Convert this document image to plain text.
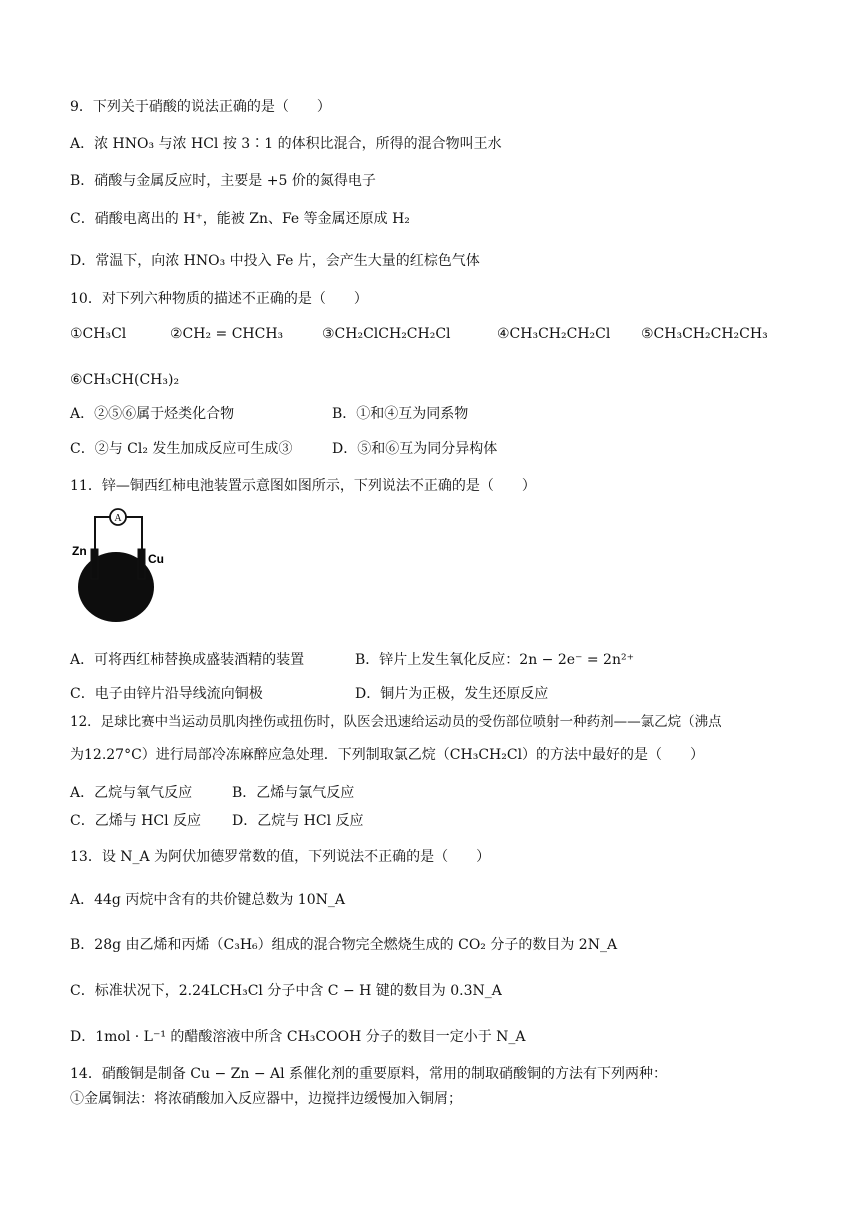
9．下列关于硝酸的说法正确的是（　　）
A．浓 HNO₃ 与浓 HCl 按 3∶1 的体积比混合，所得的混合物叫王水
B．硝酸与金属反应时，主要是 +5 价的氮得电子
C．硝酸电离出的 H⁺，能被 Zn、Fe 等金属还原成 H₂
D．常温下，向浓 HNO₃ 中投入 Fe 片，会产生大量的红棕色气体
10．对下列六种物质的描述不正确的是（　　）
①CH₃Cl	②CH₂ = CHCH₃	③CH₂ClCH₂CH₂Cl	④CH₃CH₂CH₂Cl ⑤CH₃CH₂CH₂CH₃
⑥CH₃CH(CH₃)₂
A．②⑤⑥属于烃类化合物	B．①和④互为同系物
C．②与 Cl₂ 发生加成反应可生成③	D．⑤和⑥互为同分异构体
11．锌—铜西红柿电池装置示意图如图所示，下列说法不正确的是（　　）
A
Zn
Cu
A．可将西红柿替换成盛装酒精的装置	B．锌片上发生氧化反应：2n − 2e⁻ = 2n²⁺
C．电子由锌片沿导线流向铜极	D．铜片为正极，发生还原反应
12．足球比赛中当运动员肌肉挫伤或扭伤时，队医会迅速给运动员的受伤部位喷射一种药剂——氯乙烷（沸点
为12.27°C）进行局部冷冻麻醉应急处理．下列制取氯乙烷（CH₃CH₂Cl）的方法中最好的是（　　）
A．乙烷与氧气反应	B．乙烯与氯气反应
C．乙烯与 HCl 反应 D．乙烷与 HCl 反应
13．设 N_A 为阿伏加德罗常数的值，下列说法不正确的是（　　）
A．44g 丙烷中含有的共价键总数为 10N_A
B．28g 由乙烯和丙烯（C₃H₆）组成的混合物完全燃烧生成的 CO₂ 分子的数目为 2N_A
C．标准状况下，2.24LCH₃Cl 分子中含 C − H 键的数目为 0.3N_A
D．1mol · L⁻¹ 的醋酸溶液中所含 CH₃COOH 分子的数目一定小于 N_A
14．硝酸铜是制备 Cu − Zn − Al 系催化剂的重要原料，常用的制取硝酸铜的方法有下列两种：
①金属铜法：将浓硝酸加入反应器中，边搅拌边缓慢加入铜屑；
